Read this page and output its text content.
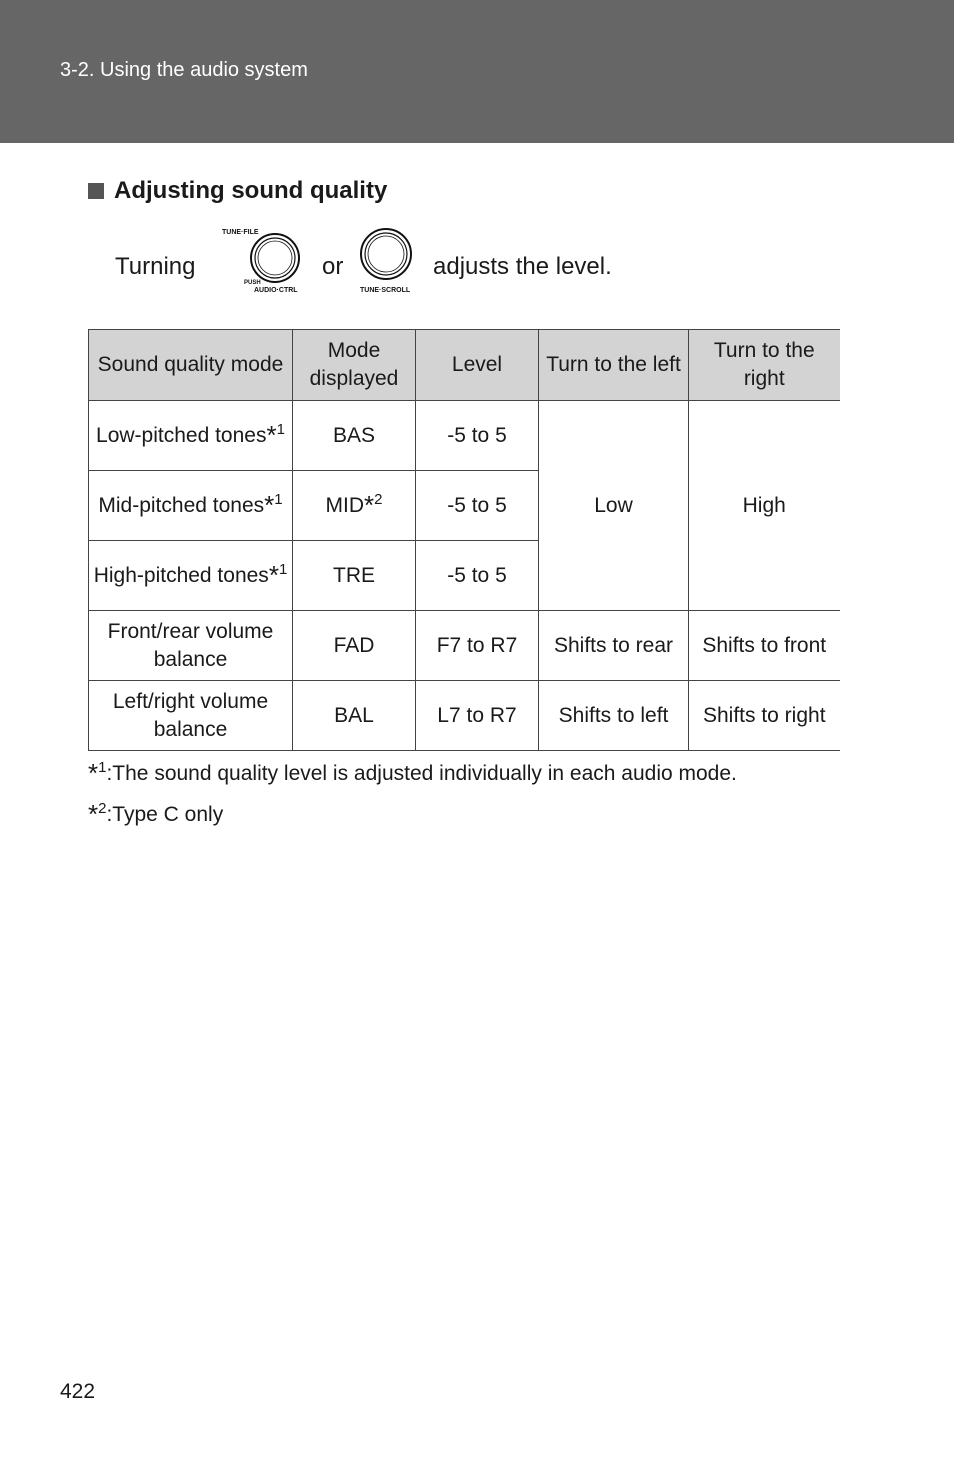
3-2. Using the audio system
Adjusting sound quality
Turning
TUNE·FILE
PUSH
AUDIO·CTRL
or
TUNE·SCROLL
adjusts the level.
Sound quality mode	Mode displayed	Level	Turn to the left	Turn to the right
Low-pitched tones*$^1$	BAS	-5 to 5	Low	High
Mid-pitched tones*$^1$	MID*$^2$	-5 to 5		
High-pitched tones*$^1$	TRE	-5 to 5		
Front/rear volume balance	FAD	F7 to R7	Shifts to rear	Shifts to front
Left/right volume balance	BAL	L7 to R7	Shifts to left	Shifts to right
*$^1$:The sound quality level is adjusted individually in each audio mode.
*$^2$:Type C only
422
